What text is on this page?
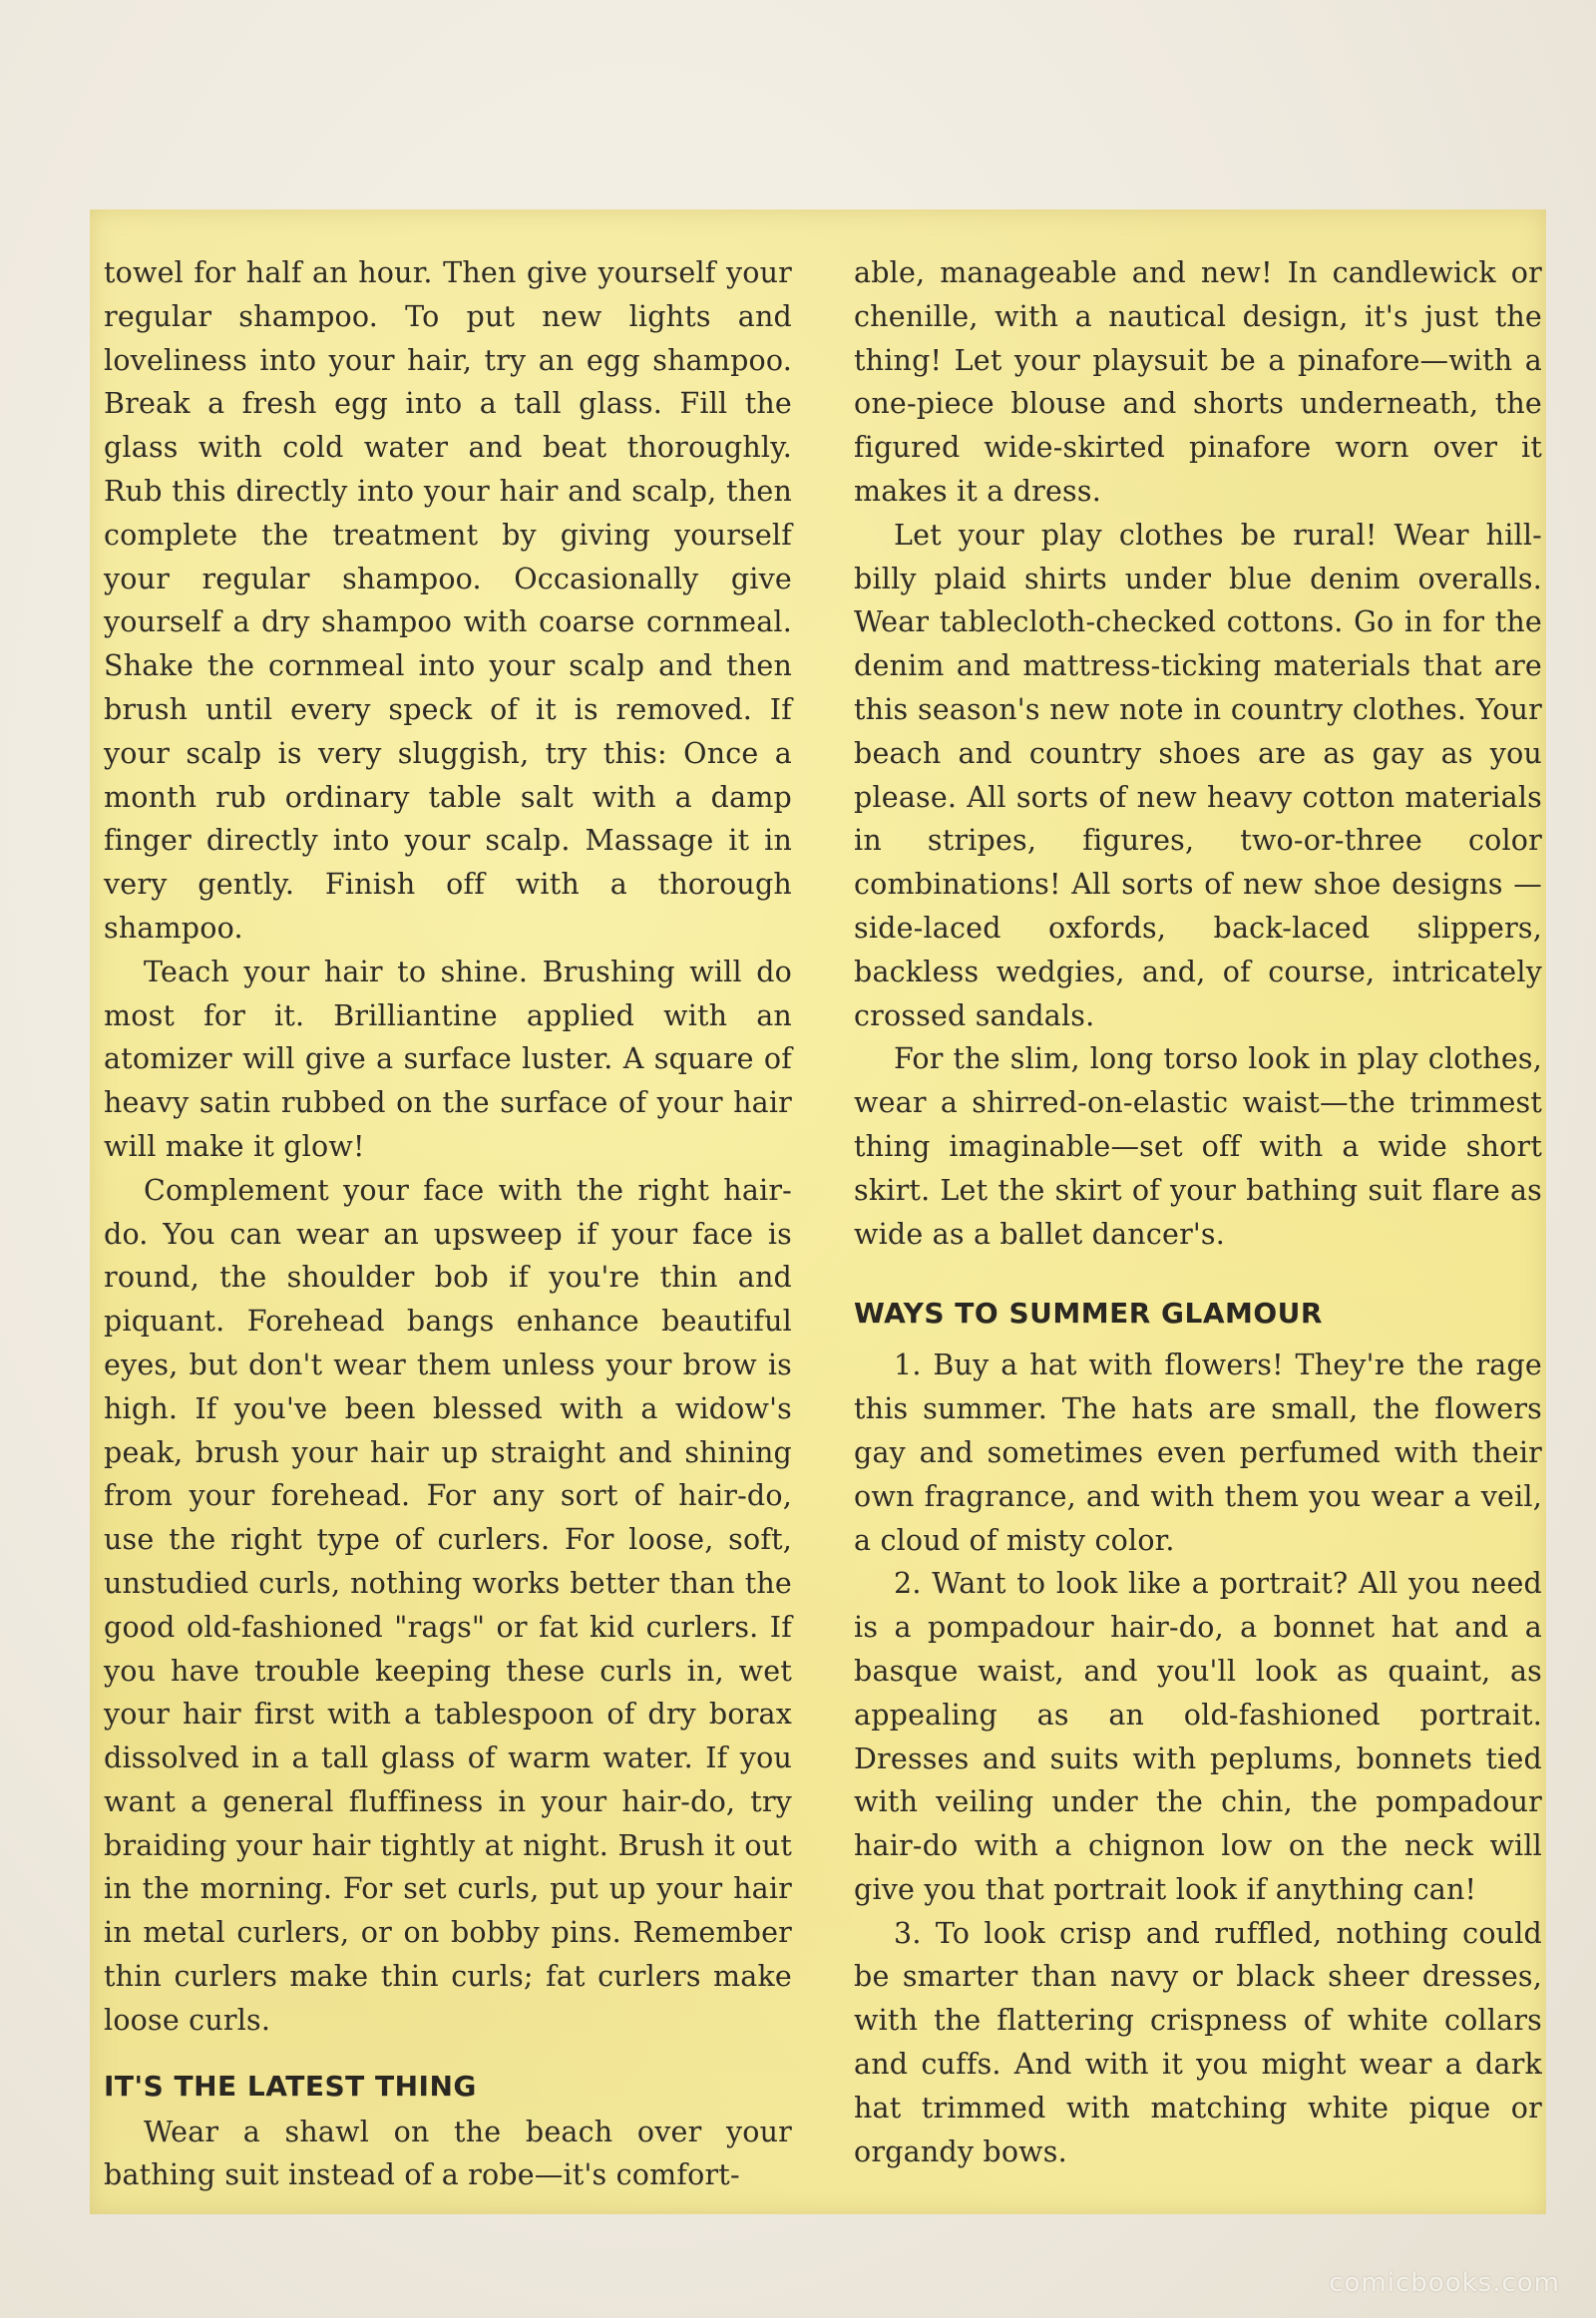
towel for half an hour. Then give yourself your regular shampoo. To put new lights and loveliness into your hair, try an egg shampoo. Break a fresh egg into a tall glass. Fill the glass with cold water and beat thoroughly. Rub this directly into your hair and scalp, then complete the treatment by giving yourself your regular shampoo. Occasionally give yourself a dry shampoo with coarse cornmeal. Shake the cornmeal into your scalp and then brush until every speck of it is removed. If your scalp is very sluggish, try this: Once a month rub ordinary table salt with a damp finger directly into your scalp. Massage it in very gently. Finish off with a thorough shampoo.

Teach your hair to shine. Brushing will do most for it. Brilliantine applied with an atomizer will give a surface luster. A square of heavy satin rubbed on the surface of your hair will make it glow!

Complement your face with the right hair-do. You can wear an upsweep if your face is round, the shoulder bob if you're thin and piquant. Forehead bangs enhance beautiful eyes, but don't wear them unless your brow is high. If you've been blessed with a widow's peak, brush your hair up straight and shining from your forehead. For any sort of hair-do, use the right type of curlers. For loose, soft, unstudied curls, nothing works better than the good old-fashioned "rags" or fat kid curlers. If you have trouble keeping these curls in, wet your hair first with a tablespoon of dry borax dissolved in a tall glass of warm water. If you want a general fluffiness in your hair-do, try braiding your hair tightly at night. Brush it out in the morning. For set curls, put up your hair in metal curlers, or on bobby pins. Remember thin curlers make thin curls; fat curlers make loose curls.

IT'S THE LATEST THING

Wear a shawl on the beach over your bathing suit instead of a robe—it's comfort-

able, manageable and new! In candlewick or chenille, with a nautical design, it's just the thing! Let your playsuit be a pinafore—with a one-piece blouse and shorts underneath, the figured wide-skirted pinafore worn over it makes it a dress.

Let your play clothes be rural! Wear hill-billy plaid shirts under blue denim overalls. Wear tablecloth-checked cottons. Go in for the denim and mattress-ticking materials that are this season's new note in country clothes. Your beach and country shoes are as gay as you please. All sorts of new heavy cotton materials in stripes, figures, two-or-three color combinations! All sorts of new shoe designs — side-laced oxfords, back-laced slippers, backless wedgies, and, of course, intricately crossed sandals.

For the slim, long torso look in play clothes, wear a shirred-on-elastic waist—the trimmest thing imaginable—set off with a wide short skirt. Let the skirt of your bathing suit flare as wide as a ballet dancer's.

WAYS TO SUMMER GLAMOUR

1. Buy a hat with flowers! They're the rage this summer. The hats are small, the flowers gay and sometimes even perfumed with their own fragrance, and with them you wear a veil, a cloud of misty color.

2. Want to look like a portrait? All you need is a pompadour hair-do, a bonnet hat and a basque waist, and you'll look as quaint, as appealing as an old-fashioned portrait. Dresses and suits with peplums, bonnets tied with veiling under the chin, the pompadour hair-do with a chignon low on the neck will give you that portrait look if anything can!

3. To look crisp and ruffled, nothing could be smarter than navy or black sheer dresses, with the flattering crispness of white collars and cuffs. And with it you might wear a dark hat trimmed with matching white pique or organdy bows.

comicbooks.com
